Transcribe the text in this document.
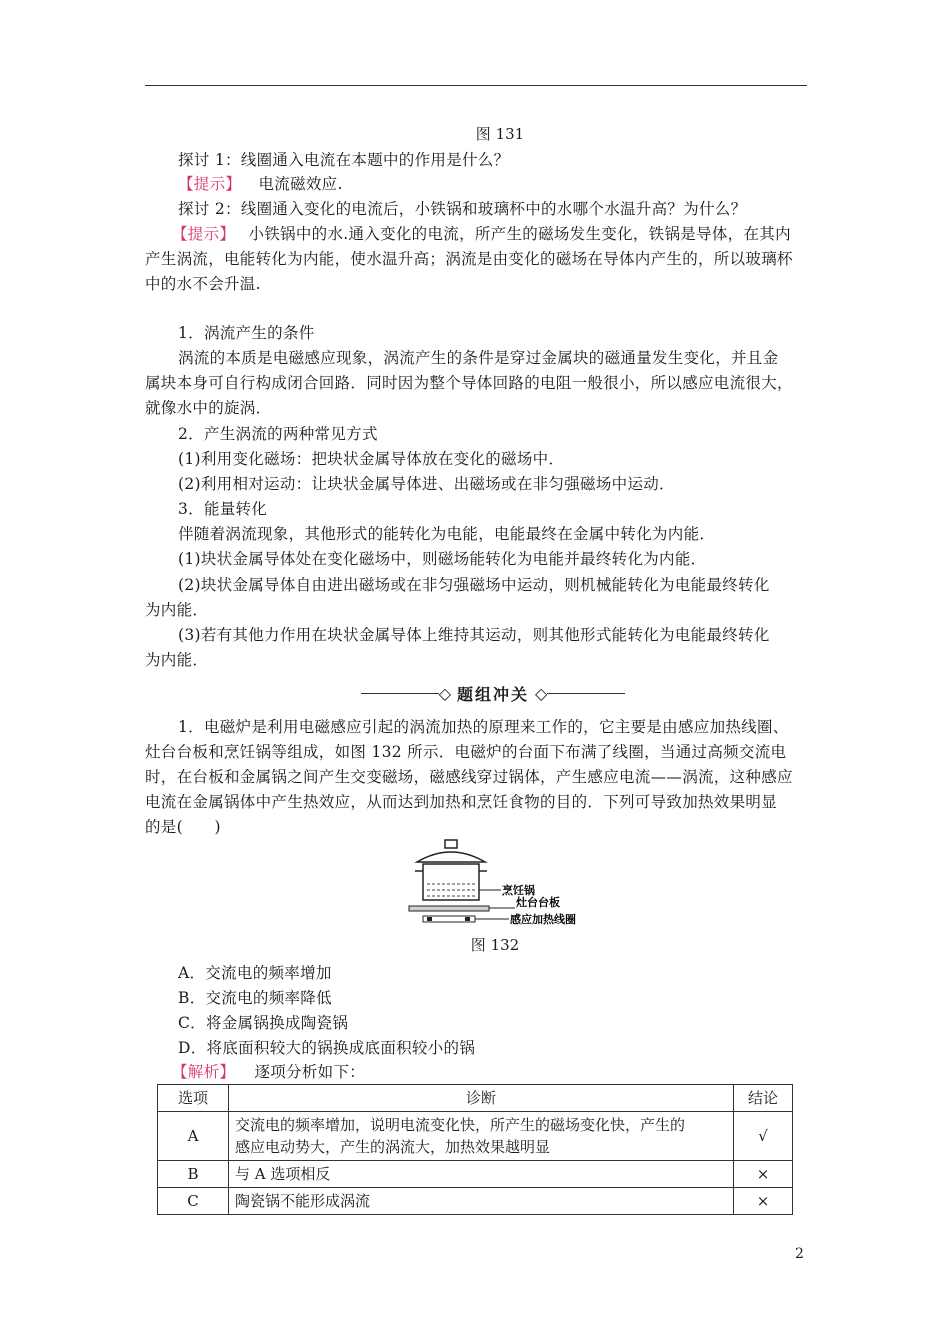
图 131
探讨 1：线圈通入电流在本题中的作用是什么？
【提示】 电流磁效应.
探讨 2：线圈通入变化的电流后，小铁锅和玻璃杯中的水哪个水温升高？为什么？
【提示】 小铁锅中的水.通入变化的电流，所产生的磁场发生变化，铁锅是导体，在其内
产生涡流，电能转化为内能，使水温升高；涡流是由变化的磁场在导体内产生的，所以玻璃杯
中的水不会升温.
1．涡流产生的条件
涡流的本质是电磁感应现象，涡流产生的条件是穿过金属块的磁通量发生变化，并且金
属块本身可自行构成闭合回路．同时因为整个导体回路的电阻一般很小，所以感应电流很大，
就像水中的旋涡．
2．产生涡流的两种常见方式
(1)利用变化磁场：把块状金属导体放在变化的磁场中．
(2)利用相对运动：让块状金属导体进、出磁场或在非匀强磁场中运动．
3．能量转化
伴随着涡流现象，其他形式的能转化为电能，电能最终在金属中转化为内能．
(1)块状金属导体处在变化磁场中，则磁场能转化为电能并最终转化为内能．
(2)块状金属导体自由进出磁场或在非匀强磁场中运动，则机械能转化为电能最终转化
为内能．
(3)若有其他力作用在块状金属导体上维持其运动，则其他形式能转化为电能最终转化
为内能．
◇ 题组冲关 ◇
1．电磁炉是利用电磁感应引起的涡流加热的原理来工作的，它主要是由感应加热线圈、
灶台台板和烹饪锅等组成，如图 132 所示．电磁炉的台面下布满了线圈，当通过高频交流电
时，在台板和金属锅之间产生交变磁场，磁感线穿过锅体，产生感应电流——涡流，这种感应
电流在金属锅体中产生热效应，从而达到加热和烹饪食物的目的．下列可导致加热效果明显
的是(　　)
烹饪锅
灶台台板
感应加热线圈
图 132
A．交流电的频率增加
B．交流电的频率降低
C．将金属锅换成陶瓷锅
D．将底面积较大的锅换成底面积较小的锅
【解析】 逐项分析如下：
选项	诊断	结论
A	交流电的频率增加，说明电流变化快，所产生的磁场变化快，产生的
感应电动势大，产生的涡流大，加热效果越明显	√
B	与 A 选项相反	×
C	陶瓷锅不能形成涡流	×
2
